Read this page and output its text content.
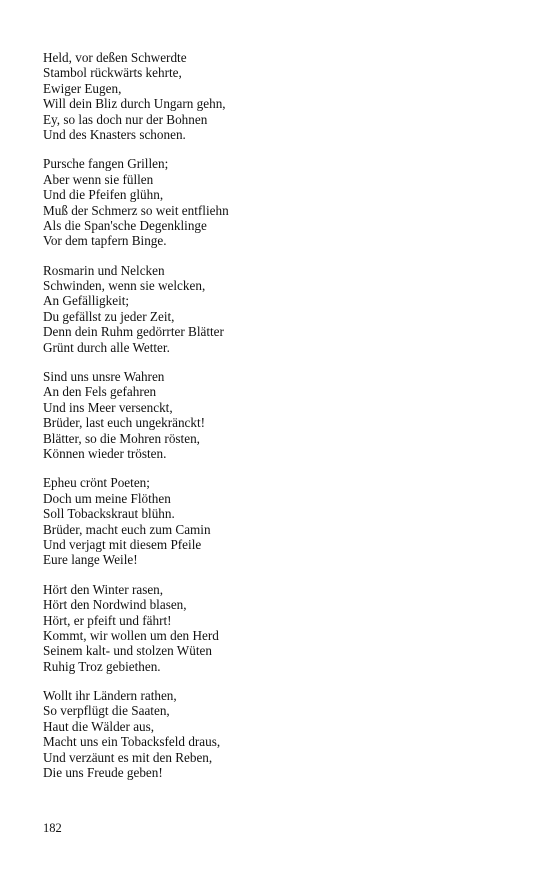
Held, vor deßen Schwerdte
Stambol rückwärts kehrte,
Ewiger Eugen,
Will dein Bliz durch Ungarn gehn,
Ey, so las doch nur der Bohnen
Und des Knasters schonen.
Pursche fangen Grillen;
Aber wenn sie füllen
Und die Pfeifen glühn,
Muß der Schmerz so weit entfliehn
Als die Span'sche Degenklinge
Vor dem tapfern Binge.
Rosmarin und Nelcken
Schwinden, wenn sie welcken,
An Gefälligkeit;
Du gefällst zu jeder Zeit,
Denn dein Ruhm gedörrter Blätter
Grünt durch alle Wetter.
Sind uns unsre Wahren
An den Fels gefahren
Und ins Meer versenckt,
Brüder, last euch ungekränckt!
Blätter, so die Mohren rösten,
Können wieder trösten.
Epheu crönt Poeten;
Doch um meine Flöthen
Soll Tobackskraut blühn.
Brüder, macht euch zum Camin
Und verjagt mit diesem Pfeile
Eure lange Weile!
Hört den Winter rasen,
Hört den Nordwind blasen,
Hört, er pfeift und fährt!
Kommt, wir wollen um den Herd
Seinem kalt- und stolzen Wüten
Ruhig Troz gebiethen.
Wollt ihr Ländern rathen,
So verpflügt die Saaten,
Haut die Wälder aus,
Macht uns ein Tobacksfeld draus,
Und verzäunt es mit den Reben,
Die uns Freude geben!
182
